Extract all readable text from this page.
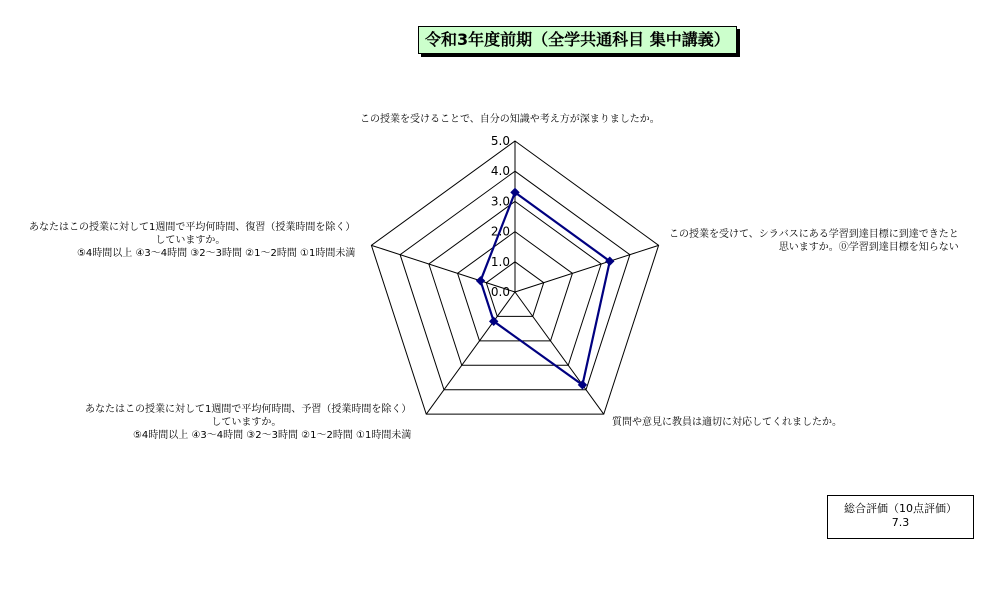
令和3年度前期（全学共通科目 集中講義）
0.0
1.0
2.0
3.0
4.0
5.0
この授業を受けることで、自分の知識や考え方が深まりましたか。
この授業を受けて、シラバスにある学習到達目標に到達できたと
思いますか。⓪学習到達目標を知らない
質問や意見に教員は適切に対応してくれましたか。
あなたはこの授業に対して1週間で平均何時間、予習（授業時間を除く）
していますか。
⑤4時間以上 ④3〜4時間 ③2〜3時間 ②1〜2時間 ①1時間未満
あなたはこの授業に対して1週間で平均何時間、復習（授業時間を除く）
していますか。
⑤4時間以上 ④3〜4時間 ③2〜3時間 ②1〜2時間 ①1時間未満
総合評価（10点評価）
7.3
